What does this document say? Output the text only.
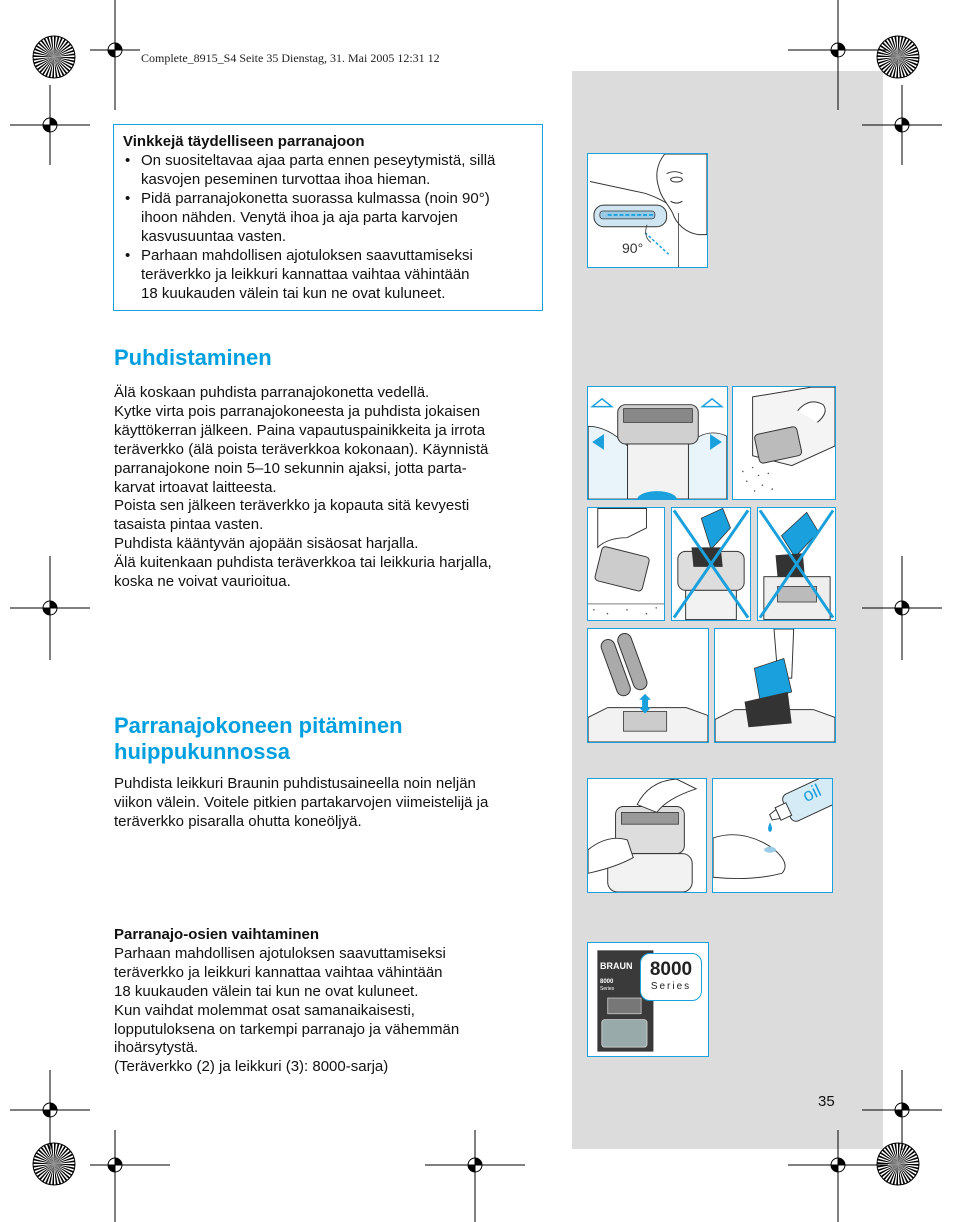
Complete_8915_S4 Seite 35 Dienstag, 31. Mai 2005 12:31 12
Vinkkejä täydelliseen parranajoon
• On suositeltavaa ajaa parta ennen peseytymistä, sillä
kasvojen peseminen turvottaa ihoa hieman.
• Pidä parranajokonetta suorassa kulmassa (noin 90°)
ihoon nähden. Venytä ihoa ja aja parta karvojen
kasvusuuntaa vasten.
• Parhaan mahdollisen ajotuloksen saavuttamiseksi
teräverkko ja leikkuri kannattaa vaihtaa vähintään
18 kuukauden välein tai kun ne ovat kuluneet.
Puhdistaminen
Älä koskaan puhdista parranajokonetta vedellä.
Kytke virta pois parranajokoneesta ja puhdista jokaisen
käyttökerran jälkeen. Paina vapautuspainikkeita ja irrota
teräverkko (älä poista teräverkkoa kokonaan). Käynnistä
parranajokone noin 5–10 sekunnin ajaksi, jotta parta-
karvat irtoavat laitteesta.
Poista sen jälkeen teräverkko ja kopauta sitä kevyesti
tasaista pintaa vasten.
Puhdista kääntyvän ajopään sisäosat harjalla.
Älä kuitenkaan puhdista teräverkkoa tai leikkuria harjalla,
koska ne voivat vaurioitua.
Parranajokoneen pitäminen
huippukunnossa
Puhdista leikkuri Braunin puhdistusaineella noin neljän
viikon välein. Voitele pitkien partakarvojen viimeistelijä ja
teräverkko pisaralla ohutta koneöljyä.
Parranajo-osien vaihtaminen
Parhaan mahdollisen ajotuloksen saavuttamiseksi
teräverkko ja leikkuri kannattaa vaihtaa vähintään
18 kuukauden välein tai kun ne ovat kuluneet.
Kun vaihdat molemmat osat samanaikaisesti,
lopputuloksena on tarkempi parranajo ja vähemmän
ihoärsytystä.
(Teräverkko (2) ja leikkuri (3): 8000-sarja)
35
90°
oil
BRAUN
8000
Series
8000
Series
